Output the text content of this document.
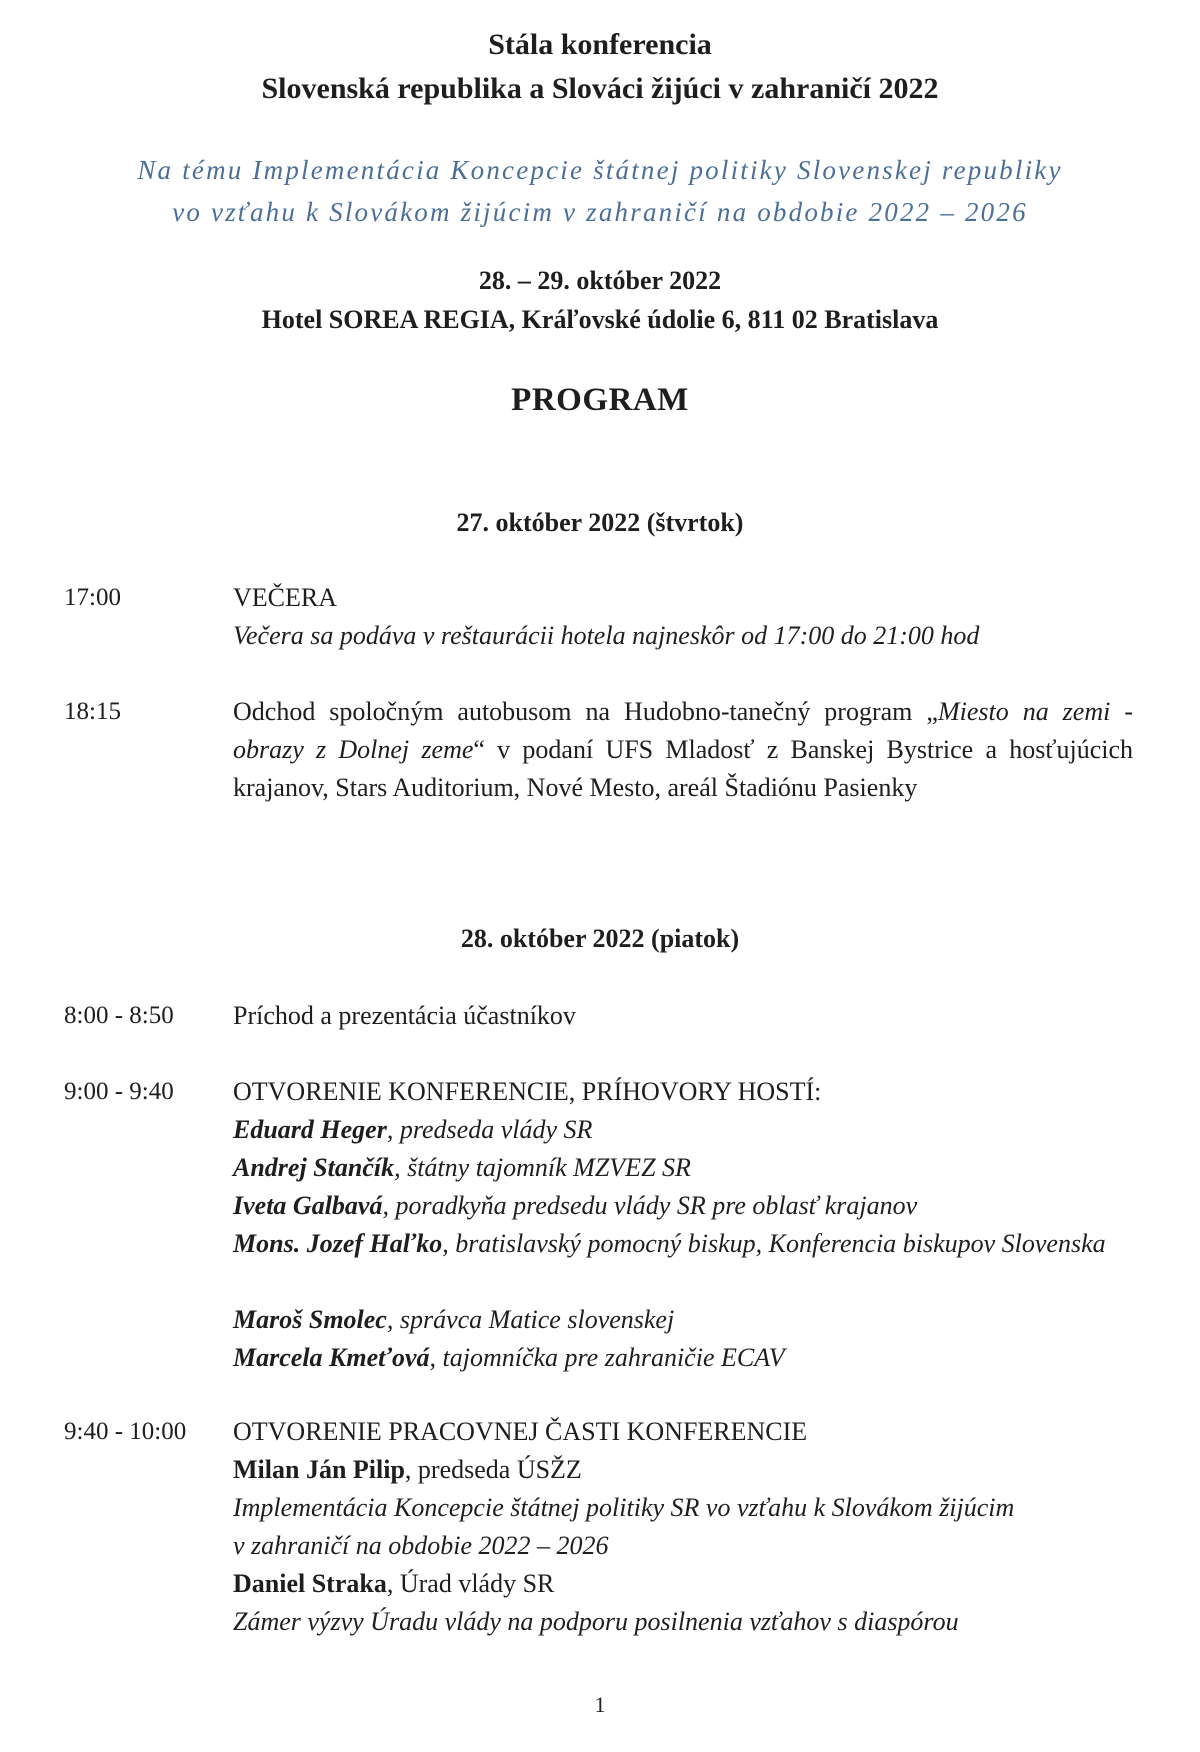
Stála konferencia
Slovenská republika a Slováci žijúci v zahraničí 2022
Na tému Implementácia Koncepcie štátnej politiky Slovenskej republiky
vo vzťahu k Slovákom žijúcim v zahraničí na obdobie 2022 – 2026
28. – 29. október 2022
Hotel SOREA REGIA, Kráľovské údolie 6, 811 02 Bratislava
PROGRAM
27. október 2022 (štvrtok)
17:00	VEČERA
Večera sa podáva v reštaurácii hotela najneskôr od 17:00 do 21:00 hod
18:15	Odchod spoločným autobusom na Hudobno-tanečný program „Miesto na zemi - obrazy z Dolnej zeme“ v podaní UFS Mladosť z Banskej Bystrice a hosťujúcich krajanov, Stars Auditorium, Nové Mesto, areál Štadiónu Pasienky
28. október 2022 (piatok)
8:00 - 8:50 Príchod a prezentácia účastníkov
9:00 - 9:40 OTVORENIE KONFERENCIE, PRÍHOVORY HOSTÍ:
Eduard Heger, predseda vlády SR
Andrej Stančík, štátny tajomník MZVEZ SR
Iveta Galbavá, poradkyňa predsedu vlády SR pre oblasť krajanov
Mons. Jozef Haľko, bratislavský pomocný biskup, Konferencia biskupov Slovenska
Maroš Smolec, správca Matice slovenskej
Marcela Kmeťová, tajomníčka pre zahraničie ECAV
9:40 - 10:00 OTVORENIE PRACOVNEJ ČASTI KONFERENCIE
Milan Ján Pilip, predseda ÚSŽZ
Implementácia Koncepcie štátnej politiky SR vo vzťahu k Slovákom žijúcim
v zahraničí na obdobie 2022 – 2026
Daniel Straka, Úrad vlády SR
Zámer výzvy Úradu vlády na podporu posilnenia vzťahov s diaspórou
1
